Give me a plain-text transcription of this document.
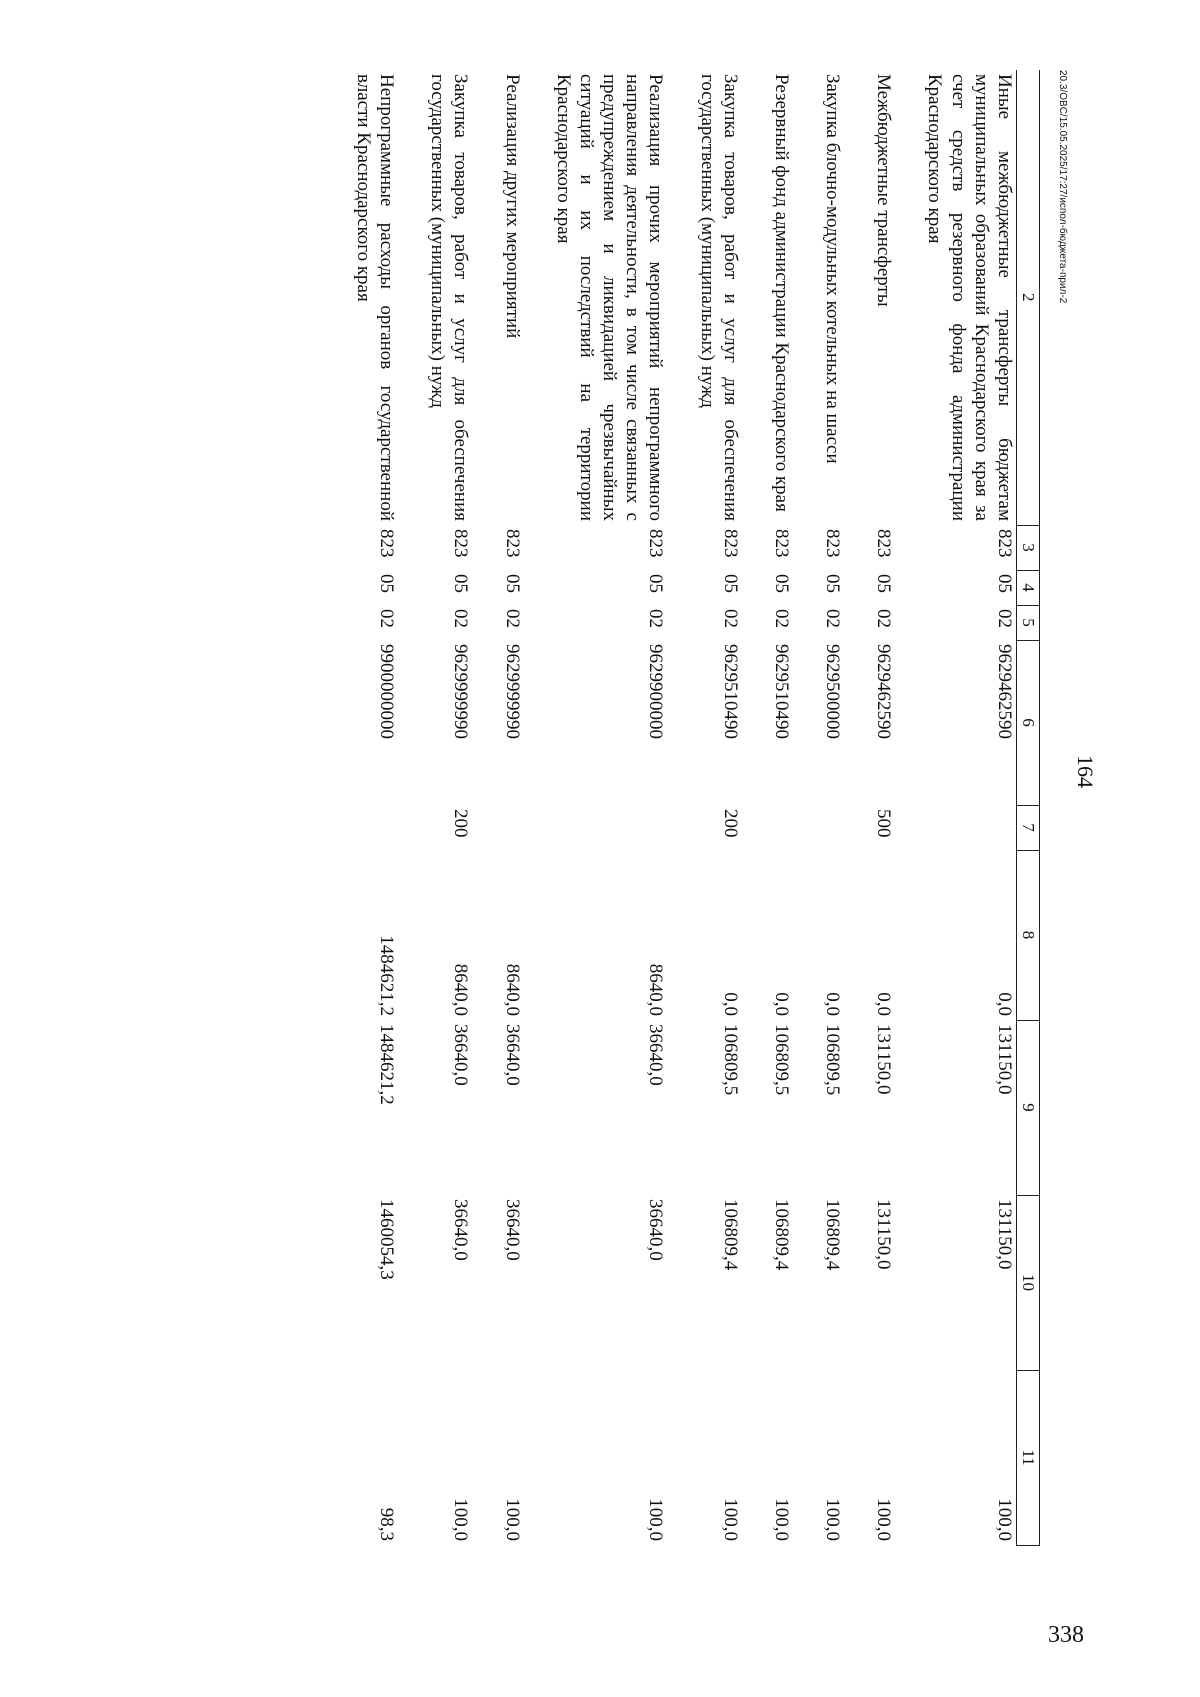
20.3/OBC/15.05.2025/17:27/испол-бюджета-прил-2
2	3	4	5	6	7	8	9	10	11
Иные межбюджетные трансферты бюджетам муниципальных образований Краснодарского края за счет средств резервного фонда администрации Краснодарского края	823	05	02	9629462590		0,0	131150,0	131150,0	100,0
Межбюджетные трансферты	823	05	02	9629462590	500	0,0	131150,0	131150,0	100,0
Закупка блочно-модульных котельных на шасси	823	05	02	9629500000		0,0	106809,5	106809,4	100,0
Резервный фонд администрации Краснодарского края	823	05	02	9629510490		0,0	106809,5	106809,4	100,0
Закупка товаров, работ и услуг для обеспечения государственных (муниципальных) нужд	823	05	02	9629510490	200	0,0	106809,5	106809,4	100,0
Реализация прочих мероприятий непрограммного направления деятельности, в том числе связанных с предупреждением и ликвидацией чрезвычайных ситуаций и их последствий на территории Краснодарского края	823	05	02	9629900000		8640,0	36640,0	36640,0	100,0
Реализация других мероприятий	823	05	02	9629999990		8640,0	36640,0	36640,0	100,0
Закупка товаров, работ и услуг для обеспечения государственных (муниципальных) нужд	823	05	02	9629999990	200	8640,0	36640,0	36640,0	100,0
Непрограммные расходы органов государственной власти Краснодарского края	823	05	02	9900000000		1484621,2	1484621,2	1460054,3	98,3
164
338
